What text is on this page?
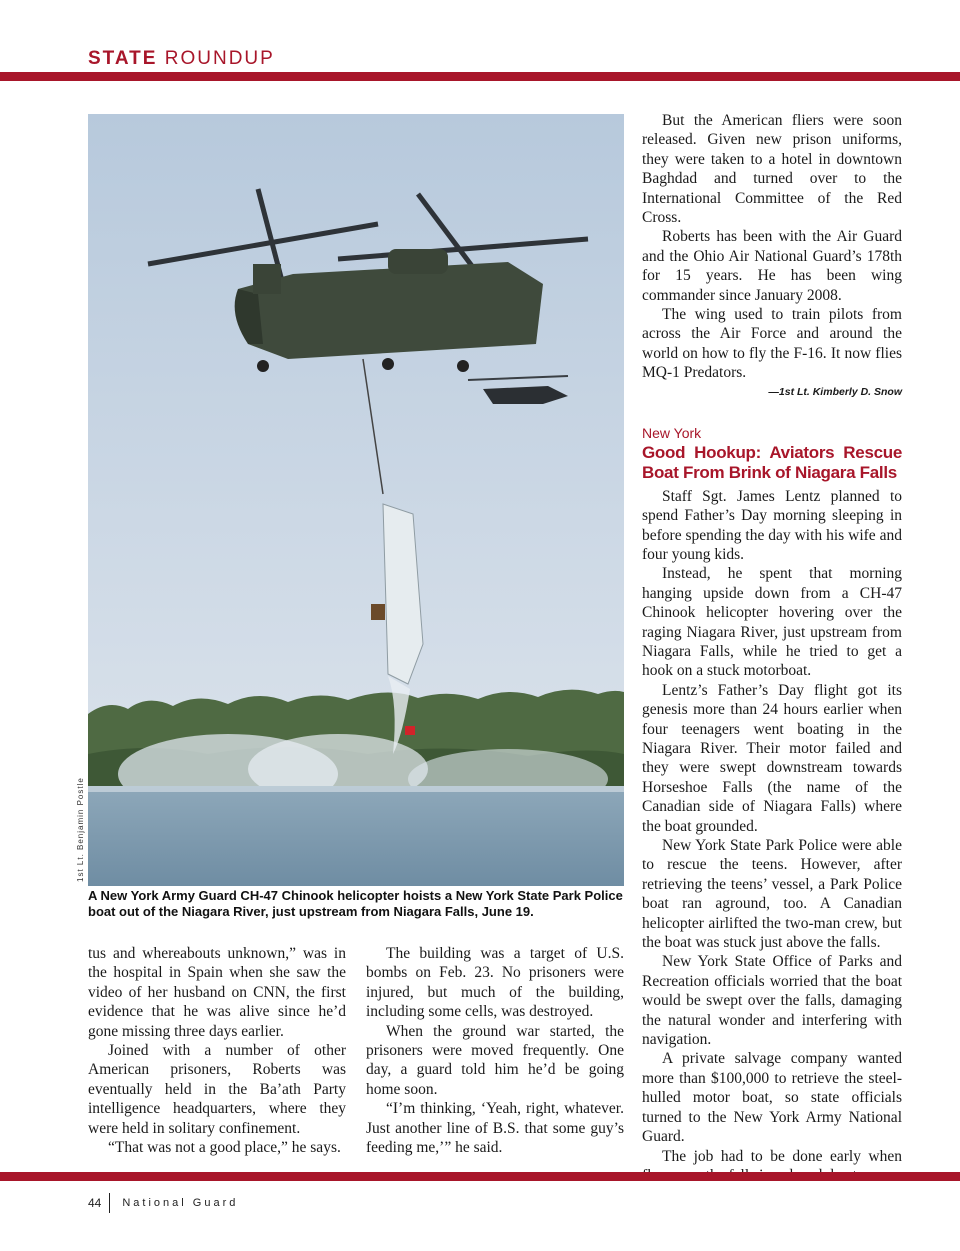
STATE ROUNDUP
1st Lt. Benjamin Postle
A New York Army Guard CH-47 Chinook helicopter hoists a New York State Park Police boat out of the Niagara River, just upstream from Niagara Falls, June 19.

tus and whereabouts unknown,” was in the hospital in Spain when she saw the video of her husband on CNN, the first evidence that he was alive since he’d gone missing three days earlier.

Joined with a number of other American prisoners, Roberts was eventually held in the Ba’ath Party intelligence headquarters, where they were held in solitary confinement.

“That was not a good place,” he says.

The building was a target of U.S. bombs on Feb. 23. No prisoners were injured, but much of the building, including some cells, was destroyed.

When the ground war started, the prisoners were moved frequently. One day, a guard told him he’d be going home soon.

“I’m thinking, ‘Yeah, right, whatever. Just another line of B.S. that some guy’s feeding me,’” he said.

But the American fliers were soon released. Given new prison uniforms, they were taken to a hotel in downtown Baghdad and turned over to the International Committee of the Red Cross.

Roberts has been with the Air Guard and the Ohio Air National Guard’s 178th for 15 years. He has been wing commander since January 2008.

The wing used to train pilots from across the Air Force and around the world on how to fly the F-16. It now flies MQ-1 Predators.

—1st Lt. Kimberly D. Snow
New York
Good Hookup: Aviators Rescue Boat From Brink of Niagara Falls

Staff Sgt. James Lentz planned to spend Father’s Day morning sleeping in before spending the day with his wife and four young kids.

Instead, he spent that morning hanging upside down from a CH-47 Chinook helicopter hovering over the raging Niagara River, just upstream from Niagara Falls, while he tried to get a hook on a stuck motorboat.

Lentz’s Father’s Day flight got its genesis more than 24 hours earlier when four teenagers went boating in the Niagara River. Their motor failed and they were swept downstream towards Horseshoe Falls (the name of the Canadian side of Niagara Falls) where the boat grounded.

New York State Park Police were able to rescue the teens. However, after retrieving the teens’ vessel, a Park Police boat ran aground, too. A Canadian helicopter airlifted the two-man crew, but the boat was stuck just above the falls.

New York State Office of Parks and Recreation officials worried that the boat would be swept over the falls, damaging the natural wonder and interfering with navigation.

A private salvage company wanted more than $100,000 to retrieve the steel-hulled motor boat, so state officials turned to the New York Army National Guard.

The job had to be done early when

44 National Guard
